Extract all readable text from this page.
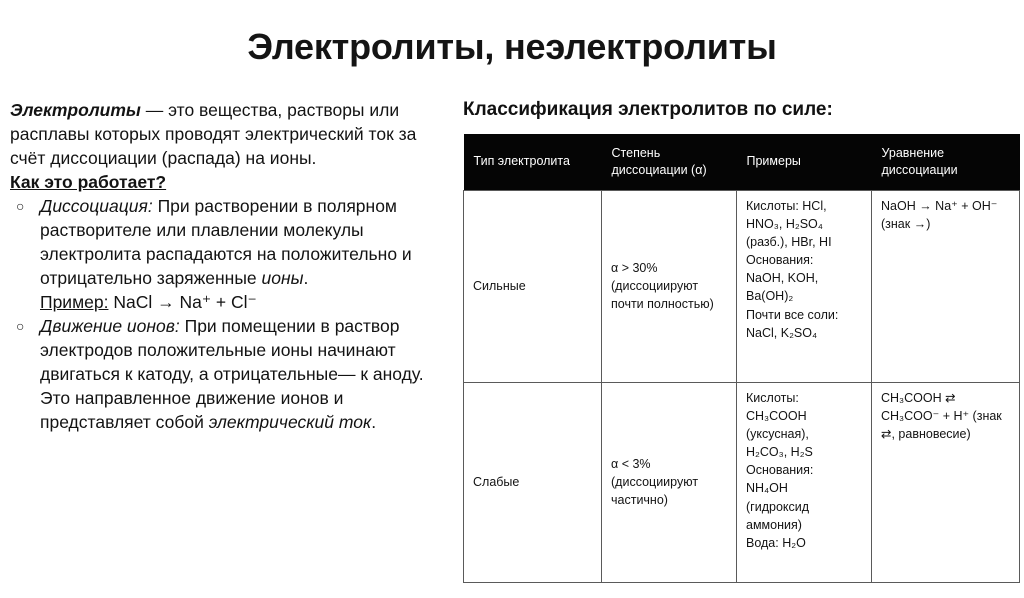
Электролиты, неэлектролиты

Электролиты — это вещества, растворы или расплавы которых проводят электрический ток за счёт диссоциации (распада) на ионы.

Как это работает?

○ Диссоциация: При растворении в полярном растворителе или плавлении молекулы электролита распадаются на положительно и отрицательно заряженные ионы.
Пример: NaCl → Na⁺ + Cl⁻
○ Движение ионов: При помещении в раствор электродов положительные ионы начинают двигаться к катоду, а отрицательные— к аноду. Это направленное движение ионов и представляет собой электрический ток.
Классификация электролитов по силе:
Тип электролита	Степень диссоциации (α)	Примеры	Уравнение диссоциации
Сильные	α > 30% (диссоциируют почти полностью)	Кислоты: HCl,
HNO₃, H₂SO₄
(разб.), HBr, HI
Основания:
NaOH, KOH,
Ba(OH)₂
Почти все соли:
NaCl, K₂SO₄	NaOH → Na⁺ + OH⁻ (знак →)
Слабые	α < 3% (диссоциируют частично)	Кислоты:
CH₃COOH
(уксусная),
H₂CO₃, H₂S
Основания:
NH₄OH
(гидроксид
аммония)
Вода: H₂O	CH₃COOH ⇄ CH₃COO⁻ + H⁺ (знак ⇄, равновесие)
